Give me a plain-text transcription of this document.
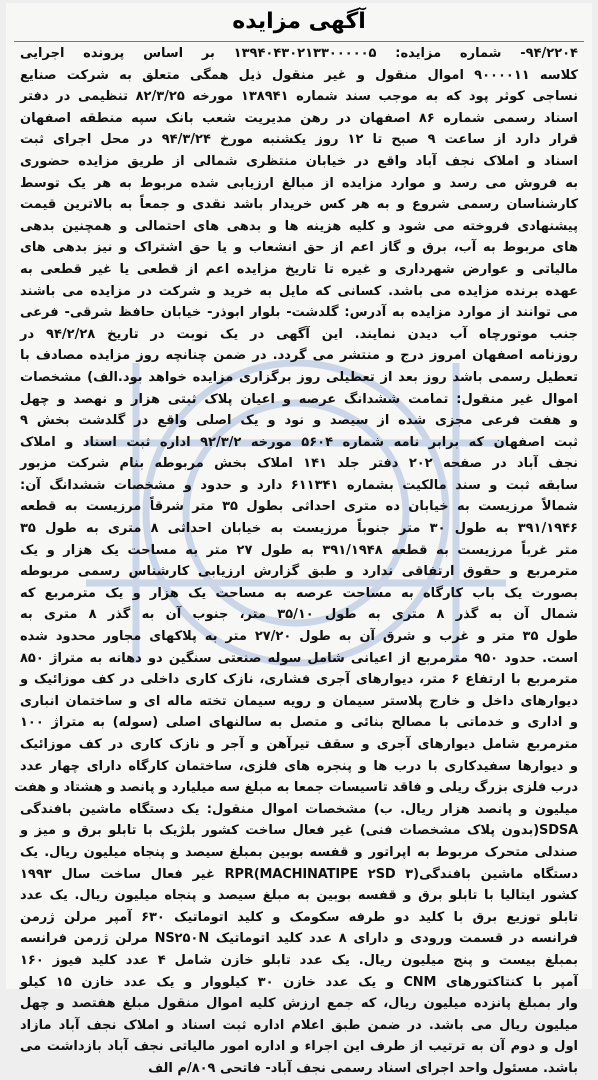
آگهی مزایده
۹۴/۲۲۰۴- شماره مزایده: ۱۳۹۴۰۴۳۰۲۱۳۳۰۰۰۰۰۵ بر اساس پرونده اجرایی
کلاسه ۹۰۰۰۰۱۱ اموال منقول و غیر منقول ذیل همگی متعلق به شرکت صنایع
نساجی کوثر پود که به موجب سند شماره ۱۳۸۹۴۱ مورخه ۸۲/۳/۲۵ تنظیمی در دفتر
اسناد رسمی شماره ۸۶ اصفهان در رهن مدیریت شعب بانک سپه منطقه اصفهان
قرار دارد از ساعت ۹ صبح تا ۱۲ روز یکشنبه مورخ ۹۴/۳/۲۴ در محل اجرای ثبت
اسناد و املاک نجف آباد واقع در خیابان منتظری شمالی از طریق مزایده حضوری
به فروش می رسد و موارد مزایده از مبالغ ارزیابی شده مربوط به هر یک توسط
کارشناسان رسمی شروع و به هر کس خریدار باشد نقدی و جمعاً به بالاترین قیمت
پیشنهادی فروخته می شود و کلیه هزینه ها و بدهی های احتمالی و همچنین بدهی
های مربوط به آب، برق و گاز اعم از حق انشعاب و یا حق اشتراک و نیز بدهی های
مالیاتی و عوارض شهرداری و غیره تا تاریخ مزایده اعم از قطعی یا غیر قطعی به
عهده برنده مزایده می باشد. کسانی که مایل به خرید و شرکت در مزایده می باشند
می توانند از موارد مزایده به آدرس: گلدشت- بلوار ابوذر- خیابان حافظ شرقی- فرعی
جنب موتورچاه آب دیدن نمایند. این آگهی در یک نوبت در تاریخ ۹۴/۲/۲۸ در
روزنامه اصفهان امروز درج و منتشر می گردد. در ضمن چنانچه روز مزایده مصادف با
تعطیل رسمی باشد روز بعد از تعطیلی روز برگزاری مزایده خواهد بود.الف) مشخصات
اموال غیر منقول: تمامت ششدانگ عرصه و اعیان پلاک ثبتی هزار و نهصد و چهل
و هفت فرعی مجزی شده از سیصد و نود و یک اصلی واقع در گلدشت بخش ۹
ثبت اصفهان که برابر نامه شماره ۵۶۰۴ مورخه ۹۲/۳/۲ اداره ثبت اسناد و املاک
نجف آباد در صفحه ۲۰۲ دفتر جلد ۱۴۱ املاک بخش مربوطه بنام شرکت مزبور
سابقه ثبت و سند مالکیت بشماره ۶۱۱۳۴۱ دارد و حدود و مشخصات ششدانگ آن:
شمالاً مرزیست به خیابان ده متری احداثی بطول ۳۵ متر شرقاً مرزیست به قطعه
۳۹۱/۱۹۴۶ به طول ۳۰ متر جنوباً مرزیست به خیابان احداثی ۸ متری به طول ۳۵
متر غرباً مرزیست به قطعه ۳۹۱/۱۹۴۸ به طول ۲۷ متر به مساحت یک هزار و یک
مترمربع و حقوق ارتفاقی ندارد و طبق گزارش ارزیابی کارشناس رسمی مربوطه
بصورت یک باب کارگاه به مساحت عرصه به مساحت یک هزار و یک مترمربع که
شمال آن به گذر ۸ متری به طول ۳۵/۱۰ متر، جنوب آن به گذر ۸ متری به
طول ۳۵ متر و غرب و شرق آن به طول ۲۷/۲۰ متر به پلاکهای مجاور محدود شده
است. حدود ۹۵۰ مترمربع از اعیانی شامل سوله صنعتی سنگین دو دهانه به متراژ ۸۵۰
مترمربع با ارتفاع ۶ متر، دیوارهای آجری فشاری، نازک کاری داخلی در کف موزائیک و
دیوارهای داخل و خارج پلاستر سیمان و رویه سیمان تخته ماله ای و ساختمان انباری
و اداری و خدماتی با مصالح بنائی و متصل به سالنهای اصلی (سوله) به متراژ ۱۰۰
مترمربع شامل دیوارهای آجری و سقف تیرآهن و آجر و نازک کاری در کف موزائیک
و دیوارها سفیدکاری با درب ها و پنجره های فلزی، ساختمان کارگاه دارای چهار عدد
درب فلزی بزرگ ریلی و فاقد تاسیسات جمعا به مبلغ سه میلیارد و پانصد و هشتاد و هفت
میلیون و پانصد هزار ریال. ب) مشخصات اموال منقول: یک دستگاه ماشین بافندگی
SDSA(بدون پلاک مشخصات فنی) غیر فعال ساخت کشور بلژیک با تابلو برق و میز و
صندلی متحرک مربوط به اپراتور و قفسه بوبین بمبلغ سیصد و پنجاه میلیون ریال. یک
دستگاه ماشین بافندگی(RPR(MACHINATIPE ۲SD ۳ غیر فعال ساخت سال ۱۹۹۳
کشور ایتالیا با تابلو برق و قفسه بوبین به مبلغ سیصد و پنجاه میلیون ریال. یک عدد
تابلو توزیع برق با کلید دو طرفه سکومک و کلید اتوماتیک ۶۳۰ آمپر مرلن ژرمن
فرانسه در قسمت ورودی و دارای ۸ عدد کلید اتوماتیک NS۲۵۰N مرلن ژرمن فرانسه
بمبلغ بیست و پنج میلیون ریال. یک عدد تابلو خازن شامل ۴ عدد کلید فیوز ۱۶۰
آمپر با کنتاکتورهای CNM و یک عدد خازن ۳۰ کیلووار و یک عدد خازن ۱۵ کیلو
وار بمبلغ پانزده میلیون ریال، که جمع ارزش کلیه اموال منقول مبلغ هفتصد و چهل
میلیون ریال می باشد. در ضمن طبق اعلام اداره ثبت اسناد و املاک نجف آباد مازاد
اول و دوم آن به ترتیب از طرف این اجراء و اداره امور مالیاتی نجف آباد بازداشت می
باشد. مسئول واحد اجرای اسناد رسمی نجف آباد- فاتحی ۸۰۹/م الف
